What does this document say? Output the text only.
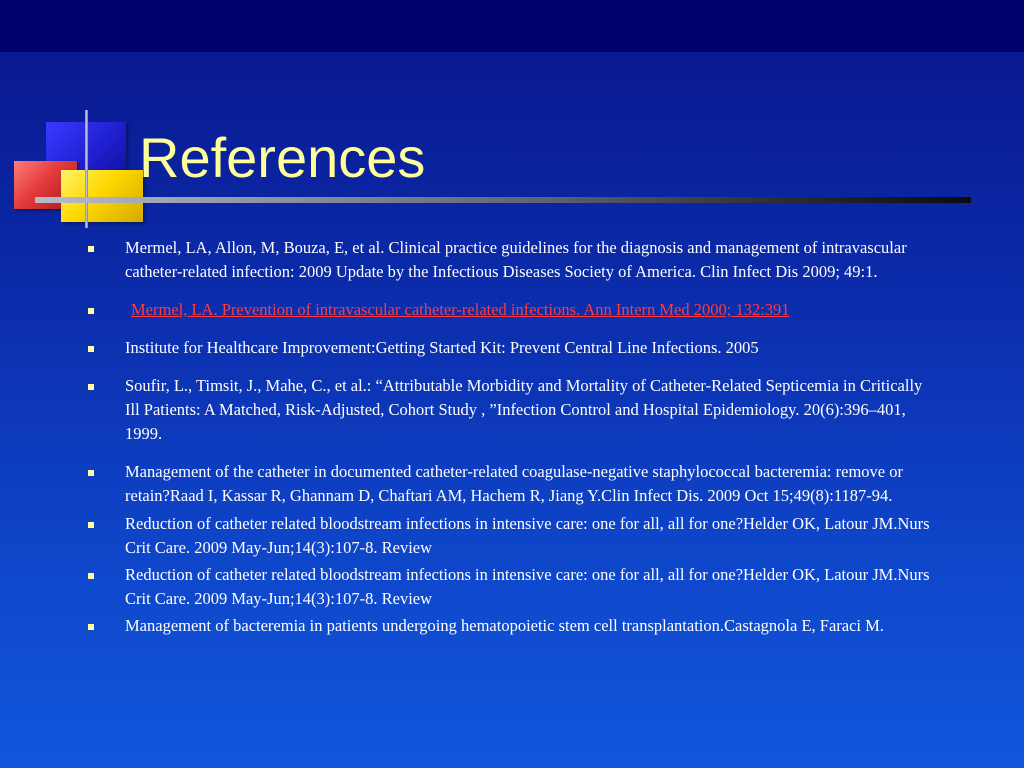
References
Mermel, LA, Allon, M, Bouza, E, et al. Clinical practice guidelines for the diagnosis and management of intravascular catheter-related infection: 2009 Update by the Infectious Diseases Society of America. Clin Infect Dis 2009; 49:1.
Mermel, LA. Prevention of intravascular catheter-related infections. Ann Intern Med 2000; 132:391
Institute for Healthcare Improvement:Getting Started Kit: Prevent Central Line Infections. 2005
Soufir, L., Timsit, J., Mahe, C., et al.: “Attributable Morbidity and Mortality of Catheter-Related Septicemia in Critically Ill Patients: A Matched, Risk-Adjusted, Cohort Study , ”Infection Control and Hospital Epidemiology. 20(6):396–401, 1999.
Management of the catheter in documented catheter-related coagulase-negative staphylococcal bacteremia: remove or retain?Raad I, Kassar R, Ghannam D, Chaftari AM, Hachem R, Jiang Y.Clin Infect Dis. 2009 Oct 15;49(8):1187-94.
Reduction of catheter related bloodstream infections in intensive care: one for all, all for one?Helder OK, Latour JM.Nurs Crit Care. 2009 May-Jun;14(3):107-8. Review
Reduction of catheter related bloodstream infections in intensive care: one for all, all for one?Helder OK, Latour JM.Nurs Crit Care. 2009 May-Jun;14(3):107-8. Review
Management of bacteremia in patients undergoing hematopoietic stem cell transplantation.Castagnola E, Faraci M.
